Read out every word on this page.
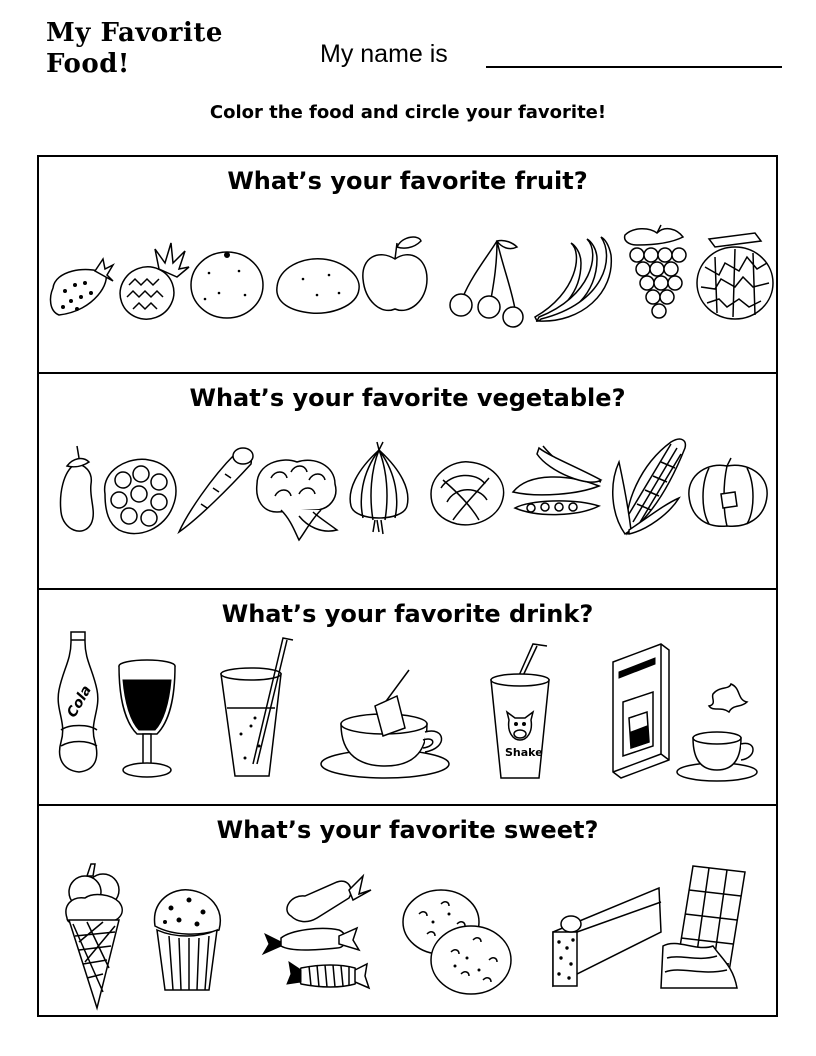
My Favorite
Food!	My name is
Color the food and circle your favorite!
What’s your favorite fruit?
What’s your favorite vegetable?
What’s your favorite drink?
Cola
Shake
What’s your favorite sweet?
